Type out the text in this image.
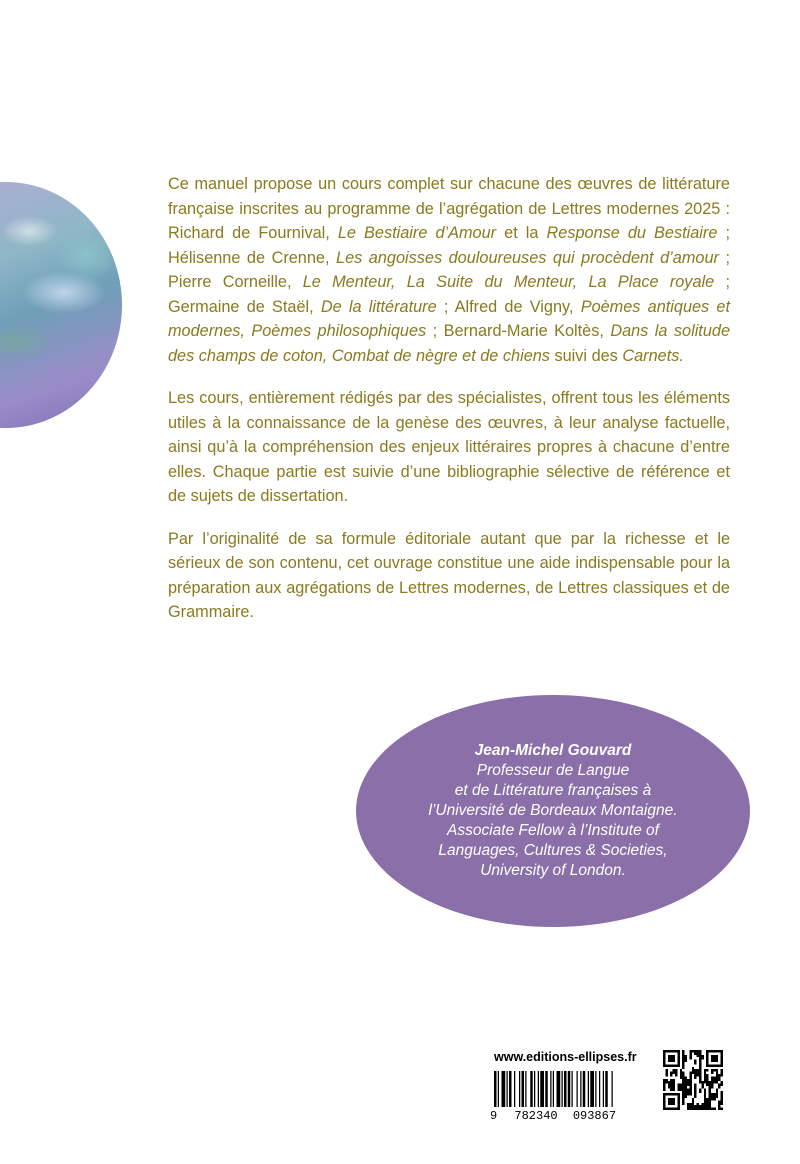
Ce manuel propose un cours complet sur chacune des œuvres de littérature française inscrites au programme de l’agrégation de Lettres modernes 2025 : Richard de Fournival, Le Bestiaire d’Amour et la Response du Bestiaire ; Hélisenne de Crenne, Les angoisses douloureuses qui procèdent d’amour ; Pierre Corneille, Le Menteur, La Suite du Menteur, La Place royale ; Germaine de Staël, De la littérature ; Alfred de Vigny, Poèmes antiques et modernes, Poèmes philosophiques ; Bernard-Marie Koltès, Dans la solitude des champs de coton, Combat de nègre et de chiens suivi des Carnets.

Les cours, entièrement rédigés par des spécialistes, offrent tous les éléments utiles à la connaissance de la genèse des œuvres, à leur analyse factuelle, ainsi qu’à la compréhension des enjeux littéraires propres à chacune d’entre elles. Chaque partie est suivie d’une bibliographie sélective de référence et de sujets de dissertation.

Par l’originalité de sa formule éditoriale autant que par la richesse et le sérieux de son contenu, cet ouvrage constitue une aide indispensable pour la préparation aux agrégations de Lettres modernes, de Lettres classiques et de Grammaire.

Jean-Michel Gouvard
Professeur de Langue
et de Littérature françaises à
l’Université de Bordeaux Montaigne.
Associate Fellow à l’Institute of
Languages, Cultures & Societies,
University of London.
www.editions-ellipses.fr
9 782340 093867
